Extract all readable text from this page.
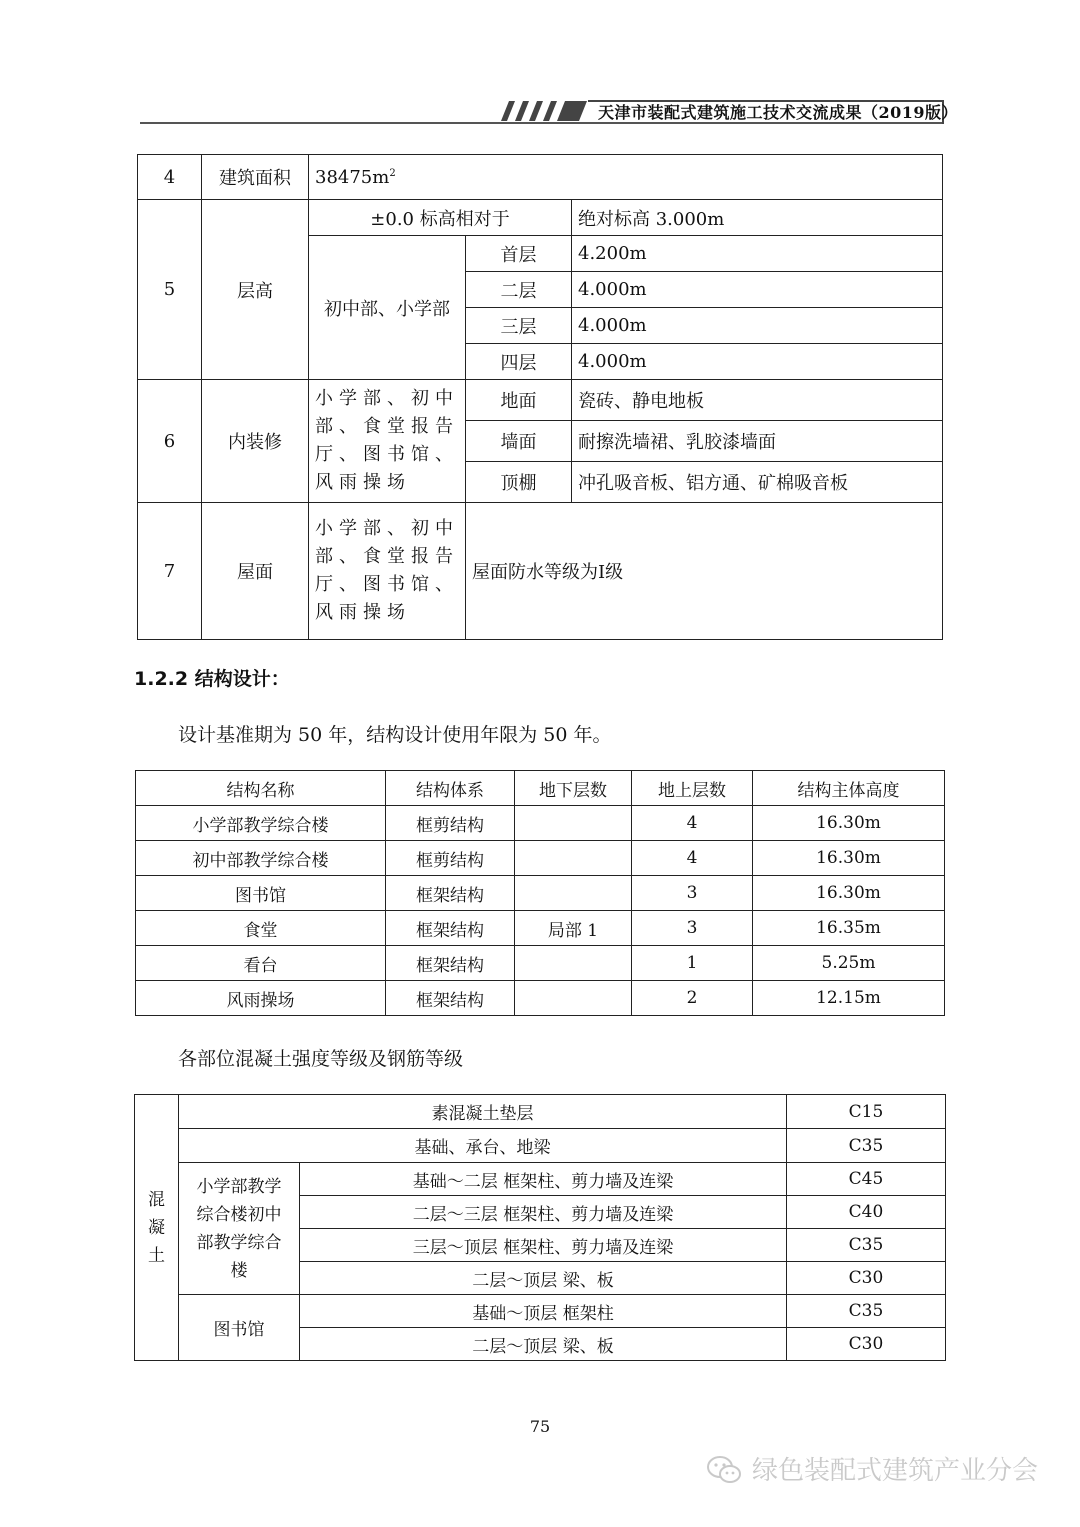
天津市装配式建筑施工技术交流成果（2019版）
4	建筑面积	$38475m^2$
5	层高	±0.0 标高相对于		绝对标高 3.000m
		初中部、小学部	首层	4.200m
			二层	4.000m
			三层	4.000m
			四层	4.000m
6	内装修	小学部、初中部、食堂报告厅、图书馆、风雨操场	地面	瓷砖、静电地板
			墙面	耐擦洗墙裙、乳胶漆墙面
			顶棚	冲孔吸音板、铝方通、矿棉吸音板
7	屋面	小学部、初中部、食堂报告厅、图书馆、风雨操场	屋面防水等级为Ⅰ级	
1.2.2 结构设计：
设计基准期为 50 年，结构设计使用年限为 50 年。
结构名称	结构体系	地下层数	地上层数	结构主体高度
小学部教学综合楼	框剪结构		4	16.30m
初中部教学综合楼	框剪结构		4	16.30m
图书馆	框架结构		3	16.30m
食堂	框架结构	局部 1	3	16.35m
看台	框架结构		1	5.25m
风雨操场	框架结构		2	12.15m
各部位混凝土强度等级及钢筋等级
混凝土	素混凝土垫层		C15
	基础、承台、地梁		C35
	小学部教学综合楼初中部教学综合楼	基础～二层 框架柱、剪力墙及连梁	C45
		二层～三层 框架柱、剪力墙及连梁	C40
		三层～顶层 框架柱、剪力墙及连梁	C35
		二层～顶层 梁、板	C30
	图书馆	基础～顶层 框架柱	C35
		二层～顶层 梁、板	C30
75
绿色装配式建筑产业分会
